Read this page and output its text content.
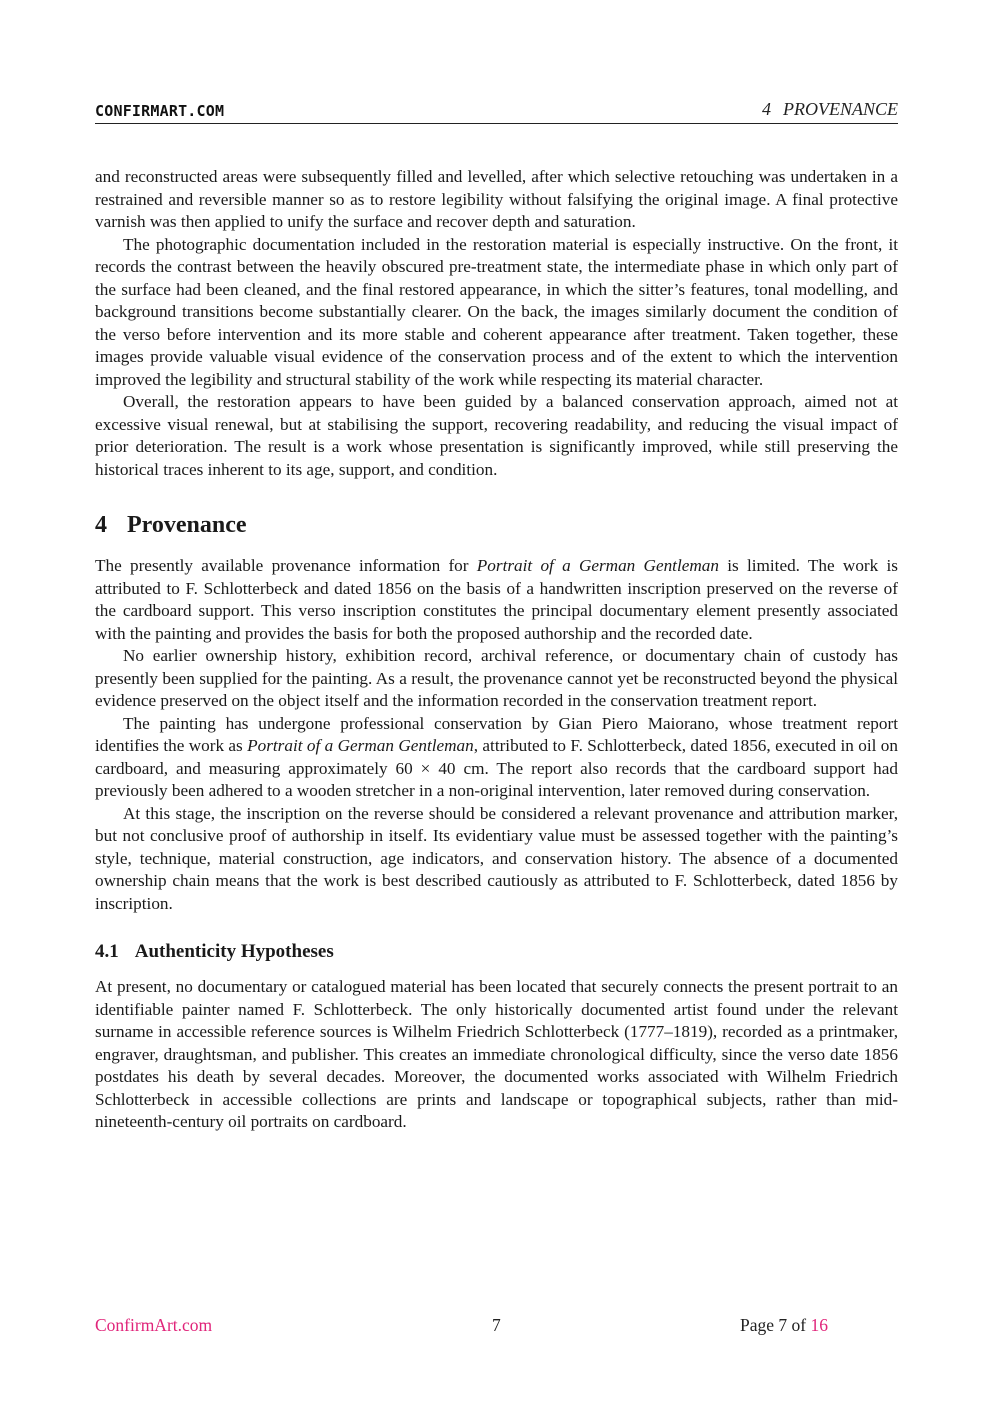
CONFIRMART.COM	4 PROVENANCE

and reconstructed areas were subsequently filled and levelled, after which selective retouching was undertaken in a restrained and reversible manner so as to restore legibility without falsifying the original image. A final protective varnish was then applied to unify the surface and recover depth and saturation.

The photographic documentation included in the restoration material is especially instructive. On the front, it records the contrast between the heavily obscured pre-treatment state, the intermediate phase in which only part of the surface had been cleaned, and the final restored appearance, in which the sitter’s features, tonal modelling, and background transitions become substantially clearer. On the back, the images similarly document the condition of the verso before intervention and its more stable and coherent appearance after treatment. Taken together, these images provide valuable visual evidence of the conservation process and of the extent to which the intervention improved the legibility and structural stability of the work while respecting its material character.

Overall, the restoration appears to have been guided by a balanced conservation approach, aimed not at excessive visual renewal, but at stabilising the support, recovering readability, and reducing the visual impact of prior deterioration. The result is a work whose presentation is significantly improved, while still preserving the historical traces inherent to its age, support, and condition.

4 Provenance

The presently available provenance information for Portrait of a German Gentleman is limited. The work is attributed to F. Schlotterbeck and dated 1856 on the basis of a handwritten inscription preserved on the reverse of the cardboard support. This verso inscription constitutes the principal documentary element presently associated with the painting and provides the basis for both the proposed authorship and the recorded date.

No earlier ownership history, exhibition record, archival reference, or documentary chain of custody has presently been supplied for the painting. As a result, the provenance cannot yet be reconstructed beyond the physical evidence preserved on the object itself and the information recorded in the conservation treatment report.

The painting has undergone professional conservation by Gian Piero Maiorano, whose treatment report identifies the work as Portrait of a German Gentleman, attributed to F. Schlotterbeck, dated 1856, executed in oil on cardboard, and measuring approximately 60 × 40 cm. The report also records that the cardboard support had previously been adhered to a wooden stretcher in a non-original intervention, later removed during conservation.

At this stage, the inscription on the reverse should be considered a relevant provenance and attribution marker, but not conclusive proof of authorship in itself. Its evidentiary value must be assessed together with the painting’s style, technique, material construction, age indicators, and conservation history. The absence of a documented ownership chain means that the work is best described cautiously as attributed to F. Schlotterbeck, dated 1856 by inscription.

4.1 Authenticity Hypotheses

At present, no documentary or catalogued material has been located that securely connects the present portrait to an identifiable painter named F. Schlotterbeck. The only historically documented artist found under the relevant surname in accessible reference sources is Wilhelm Friedrich Schlotterbeck (1777–1819), recorded as a printmaker, engraver, draughtsman, and publisher. This creates an immediate chronological difficulty, since the verso date 1856 postdates his death by several decades. Moreover, the documented works associated with Wilhelm Friedrich Schlotterbeck in accessible collections are prints and landscape or topographical subjects, rather than mid-nineteenth-century oil portraits on cardboard.

ConfirmArt.com	7	Page 7 of 16
